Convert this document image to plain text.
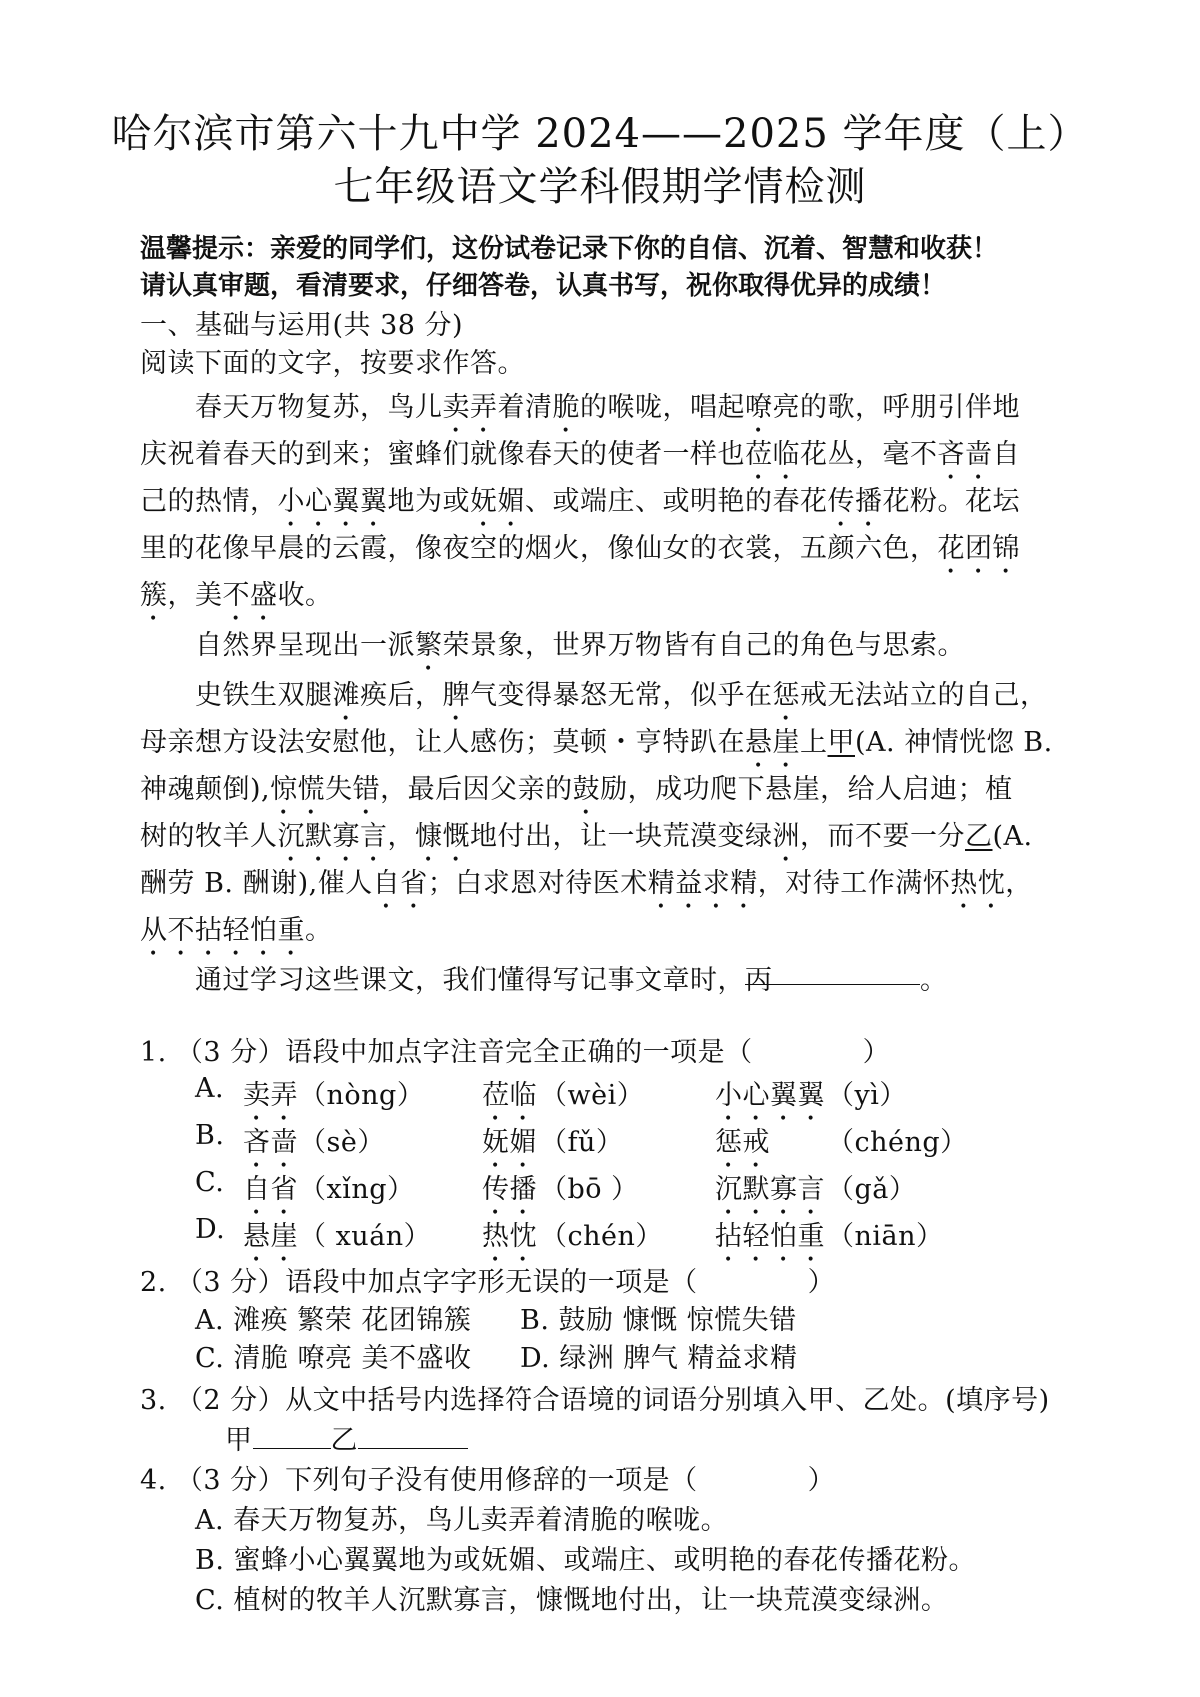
哈尔滨市第六十九中学 2024——2025 学年度（上）
七年级语文学科假期学情检测
温馨提示：亲爱的同学们，这份试卷记录下你的自信、沉着、智慧和收获！
请认真审题，看清要求，仔细答卷，认真书写，祝你取得优异的成绩！
一、基础与运用(共 38 分)
阅读下面的文字，按要求作答。
春天万物复苏，鸟儿卖弄着清脆的喉咙，唱起嘹亮的歌，呼朋引伴地
庆祝着春天的到来；蜜蜂们就像春天的使者一样也莅临花丛，毫不吝啬自
己的热情，小心翼翼地为或妩媚、或端庄、或明艳的春花传播花粉。花坛
里的花像早晨的云霞，像夜空的烟火，像仙女的衣裳，五颜六色，花团锦
簇，美不盛收。
自然界呈现出一派繁荣景象，世界万物皆有自己的角色与思索。
史铁生双腿滩痪后，脾气变得暴怒无常，似乎在惩戒无法站立的自己，
母亲想方设法安慰他，让人感伤；莫顿・亨特趴在悬崖上甲(A. 神情恍惚 B.
神魂颠倒),惊慌失错，最后因父亲的鼓励，成功爬下悬崖，给人启迪；植
树的牧羊人沉默寡言，慷慨地付出，让一块荒漠变绿洲，而不要一分乙(A.
酬劳 B. 酬谢),催人自省；白求恩对待医术精益求精，对待工作满怀热忱，
从不拈轻怕重。
通过学习这些课文，我们懂得写记事文章时，丙	。
1. （3 分）语段中加点字注音完全正确的一项是（　　　　）
A. 卖弄 （nòng） 莅临 （wèi）	小心翼翼 （yì）
B. 吝啬 （sè）	妩媚 （fǔ）	惩戒 （chéng）
C. 自省 （xǐng） 传播 （bō ）	沉默寡言 （gǎ）
D. 悬崖 （ xuán） 热忱 （chén） 拈轻怕重 （niān）
2. （3 分）语段中加点字字形无误的一项是（　　　　）
A. 滩痪 繁荣 花团锦簇 B. 鼓励 慷慨 惊慌失错
C. 清脆 嘹亮 美不盛收 D. 绿洲 脾气 精益求精
3. （2 分）从文中括号内选择符合语境的词语分别填入甲、乙处。(填序号)
甲	乙
4. （3 分）下列句子没有使用修辞的一项是（　　　　）
A. 春天万物复苏，鸟儿卖弄着清脆的喉咙。
B. 蜜蜂小心翼翼地为或妩媚、或端庄、或明艳的春花传播花粉。
C. 植树的牧羊人沉默寡言，慷慨地付出，让一块荒漠变绿洲。
